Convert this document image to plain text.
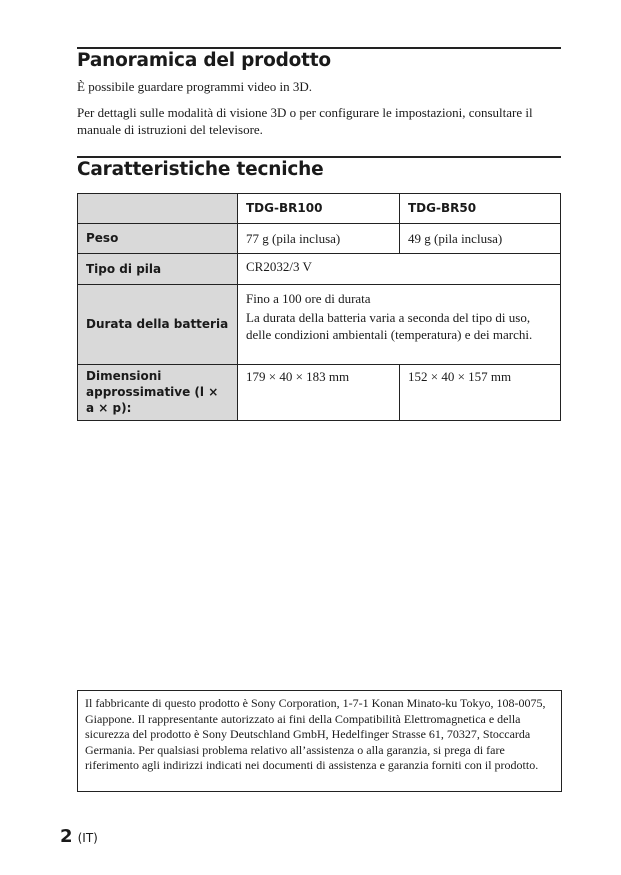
Panoramica del prodotto

È possibile guardare programmi video in 3D.

Per dettagli sulle modalità di visione 3D o per configurare le impostazioni, consultare il manuale di istruzioni del televisore.

Caratteristiche tecniche
	TDG-BR100	TDG-BR50
Peso	77 g (pila inclusa)	49 g (pila inclusa)
Tipo di pila	CR2032/3 V	
Durata della batteria	Fino a 100 ore di durata
La durata della batteria varia a seconda del tipo di uso, delle condizioni ambientali (temperatura) e dei marchi.	

Dimensioni approssimative (l × a × p):	179 × 40 × 183 mm	152 × 40 × 157 mm
Il fabbricante di questo prodotto è Sony Corporation, 1-7-1 Konan Minato-ku Tokyo, 108-0075, Giappone. Il rappresentante autorizzato ai fini della Compatibilità Elettromagnetica e della sicurezza del prodotto è Sony Deutschland GmbH, Hedelfinger Strasse 61, 70327, Stoccarda Germania. Per qualsiasi problema relativo all’assistenza o alla garanzia, si prega di fare riferimento agli indirizzi indicati nei documenti di assistenza e garanzia forniti con il prodotto.
2 (IT)
